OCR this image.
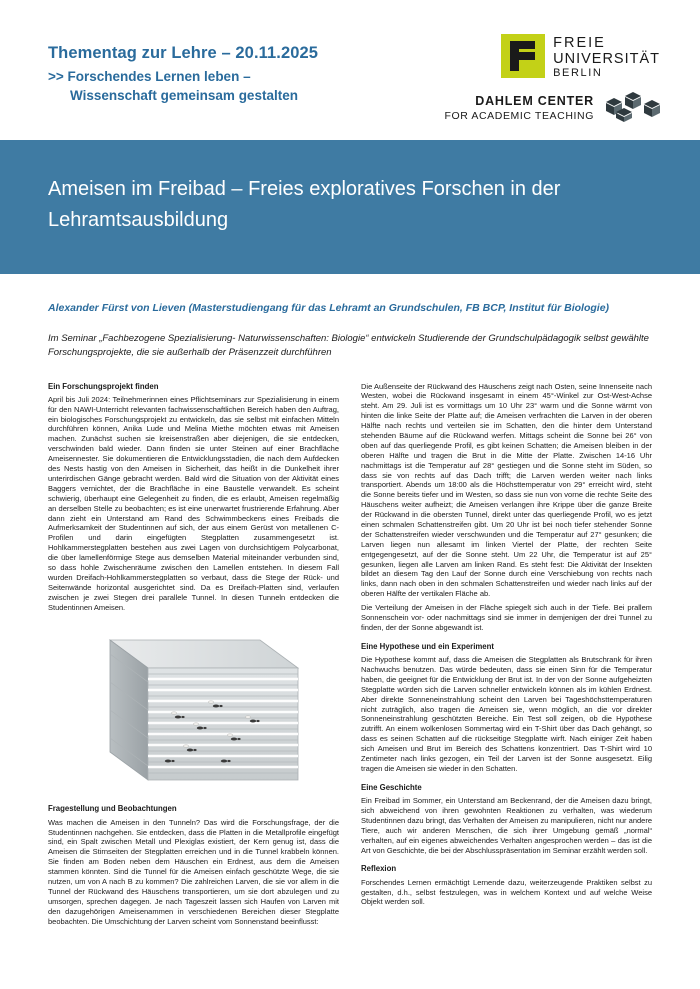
Thementag zur Lehre – 20.11.2025
>> Forschendes Lernen leben –
Wissenschaft gemeinsam gestalten
FREIE
UNIVERSITÄT
BERLIN
DAHLEM CENTER
FOR ACADEMIC TEACHING
Ameisen im Freibad – Freies exploratives Forschen in der Lehramtsausbildung
Alexander Fürst von Lieven (Masterstudiengang für das Lehramt an Grundschulen, FB BCP, Institut für Biologie)
Im Seminar „Fachbezogene Spezialisierung- Naturwissenschaften: Biologie“ entwickeln Studierende der Grundschulpädagogik selbst gewählte Forschungsprojekte, die sie außerhalb der Präsenzzeit durchführen
Ein Forschungsprojekt finden

April bis Juli 2024: Teilnehmerinnen eines Pflichtseminars zur Spezialisierung in einem für den NAWI-Unterricht relevanten fachwissenschaftlichen Bereich haben den Auftrag, ein biologisches Forschungsprojekt zu entwickeln, das sie selbst mit einfachen Mitteln durchführen können, Anika Lude und Melina Miethe möchten etwas mit Ameisen machen. Zunächst suchen sie kreisenstraßen aber diejenigen, die sie entdecken, verschwinden bald wieder. Dann finden sie unter Steinen auf einer Brachfläche Ameisennester. Sie dokumentieren die Entwicklungsstadien, die nach dem Aufdecken des Nests hastig von den Ameisen in Sicherheit, das heißt in die Dunkelheit ihrer unterirdischen Gänge gebracht werden. Bald wird die Situation von der Aktivität eines Baggers vernichtet, der die Brachfläche in eine Baustelle verwandelt. Es scheint schwierig, überhaupt eine Gelegenheit zu finden, die es erlaubt, Ameisen regelmäßig an derselben Stelle zu beobachten; es ist eine unerwartet frustrierende Erfahrung. Aber dann zieht ein Unterstand am Rand des Schwimmbeckens eines Freibads die Aufmerksamkeit der Studentinnen auf sich, der aus einem Gerüst von metallenen C-Profilen und darin eingefügten Stegplatten zusammengesetzt ist. Hohlkammerstegplatten bestehen aus zwei Lagen von durchsichtigem Polycarbonat, die über lamellenförmige Stege aus demselben Material miteinander verbunden sind, so dass hohle Zwischenräume zwischen den Lamellen entstehen. In diesem Fall wurden Dreifach-Hohlkammerstegplatten so verbaut, dass die Stege der Rück- und Seitenwände horizontal ausgerichtet sind. Da es Dreifach-Platten sind, verlaufen zwischen je zwei Stegen drei parallele Tunnel. In diesen Tunneln entdecken die Studentinnen Ameisen.

Fragestellung und Beobachtungen

Was machen die Ameisen in den Tunneln? Das wird die Forschungsfrage, der die Studentinnen nachgehen. Sie entdecken, dass die Platten in die Metallprofile eingefügt sind, ein Spalt zwischen Metall und Plexiglas existiert, der Kern genug ist, dass die Ameisen die Stirnseiten der Stegplatten erreichen und in die Tunnel krabbeln können. Sie finden am Boden neben dem Häuschen ein Erdnest, aus dem die Ameisen stammen könnten. Sind die Tunnel für die Ameisen einfach geschützte Wege, die sie nutzen, um von A nach B zu kommen? Die zahlreichen Larven, die sie vor allem in die Tunnel der Rückwand des Häuschens transportieren, um sie dort abzulegen und zu umsorgen, sprechen dagegen. Je nach Tageszeit lassen sich Haufen von Larven mit den dazugehörigen Ameisenammen in verschiedenen Bereichen dieser Stegplatte beobachten. Die Umschichtung der Larven scheint vom Sonnenstand beeinflusst:

Die Außenseite der Rückwand des Häuschens zeigt nach Osten, seine Innenseite nach Westen, wobei die Rückwand insgesamt in einem 45°-Winkel zur Ost-West-Achse steht. Am 29. Juli ist es vormittags um 10 Uhr 23° warm und die Sonne wärmt von hinten die linke Seite der Platte auf; die Ameisen verfrachten die Larven in der oberen Hälfte nach rechts und verteilen sie im Schatten, den die hinter dem Unterstand stehenden Bäume auf die Rückwand werfen. Mittags scheint die Sonne bei 26° von oben auf das querliegende Profil, es gibt keinen Schatten; die Ameisen bleiben in der oberen Hälfte und tragen die Brut in die Mitte der Platte. Zwischen 14-16 Uhr nachmittags ist die Temperatur auf 28° gestiegen und die Sonne steht im Süden, so dass sie von rechts auf das Dach trifft; die Larven werden weiter nach links transportiert. Abends um 18:00 als die Höchsttemperatur von 29° erreicht wird, steht die Sonne bereits tiefer und im Westen, so dass sie nun von vorne die rechte Seite des Häuschens weiter aufheizt; die Ameisen verlangen ihre Krippe über die ganze Breite der Rückwand in die obersten Tunnel, direkt unter das querliegende Profil, wo es jetzt einen schmalen Schattenstreifen gibt. Um 20 Uhr ist bei noch tiefer stehender Sonne der Schattenstreifen wieder verschwunden und die Temperatur auf 27° gesunken; die Larven liegen nun allesamt im linken Viertel der Platte, der rechten Seite entgegengesetzt, auf der die Sonne steht. Um 22 Uhr, die Temperatur ist auf 25° gesunken, liegen alle Larven am linken Rand. Es steht fest: Die Aktivität der Insekten bildet an diesem Tag den Lauf der Sonne durch eine Verschiebung von rechts nach links, dann nach oben in den schmalen Schattenstreifen und wieder nach links auf der oberen Hälfte der vertikalen Fläche ab.

Die Verteilung der Ameisen in der Fläche spiegelt sich auch in der Tiefe. Bei prallem Sonnenschein vor- oder nachmittags sind sie immer in demjenigen der drei Tunnel zu finden, der der Sonne abgewandt ist.

Eine Hypothese und ein Experiment

Die Hypothese kommt auf, dass die Ameisen die Stegplatten als Brutschrank für ihren Nachwuchs benutzen. Das würde bedeuten, dass sie einen Sinn für die Temperatur haben, die geeignet für die Entwicklung der Brut ist. In der von der Sonne aufgeheizten Stegplatte würden sich die Larven schneller entwickeln können als im kühlen Erdnest. Aber direkte Sonneneinstrahlung scheint den Larven bei Tageshöchsttemperaturen nicht zuträglich, also tragen die Ameisen sie, wenn möglich, an die vor direkter Sonneneinstrahlung geschützten Bereiche. Ein Test soll zeigen, ob die Hypothese zutrifft. An einem wolkenlosen Sommertag wird ein T-Shirt über das Dach gehängt, so dass es seinen Schatten auf die rückseitige Stegplatte wirft. Nach einiger Zeit haben sich Ameisen und Brut im Bereich des Schattens konzentriert. Das T-Shirt wird 10 Zentimeter nach links gezogen, ein Teil der Larven ist der Sonne ausgesetzt. Eilig tragen die Ameisen sie wieder in den Schatten.

Eine Geschichte

Ein Freibad im Sommer, ein Unterstand am Beckenrand, der die Ameisen dazu bringt, sich abweichend von ihren gewohnten Reaktionen zu verhalten, was wiederum Studentinnen dazu bringt, das Verhalten der Ameisen zu manipulieren, nicht nur andere Tiere, auch wir anderen Menschen, die sich ihrer Umgebung gemäß „normal“ verhalten, auf ein eigenes abweichendes Verhalten angesprochen werden – das ist die Art von Geschichte, die bei der Abschlusspräsentation im Seminar erzählt werden soll.

Reflexion

Forschendes Lernen ermächtigt Lernende dazu, weiterzeugende Praktiken selbst zu gestalten, d.h., selbst festzulegen, was in welchem Kontext und auf welche Weise Objekt werden soll.
